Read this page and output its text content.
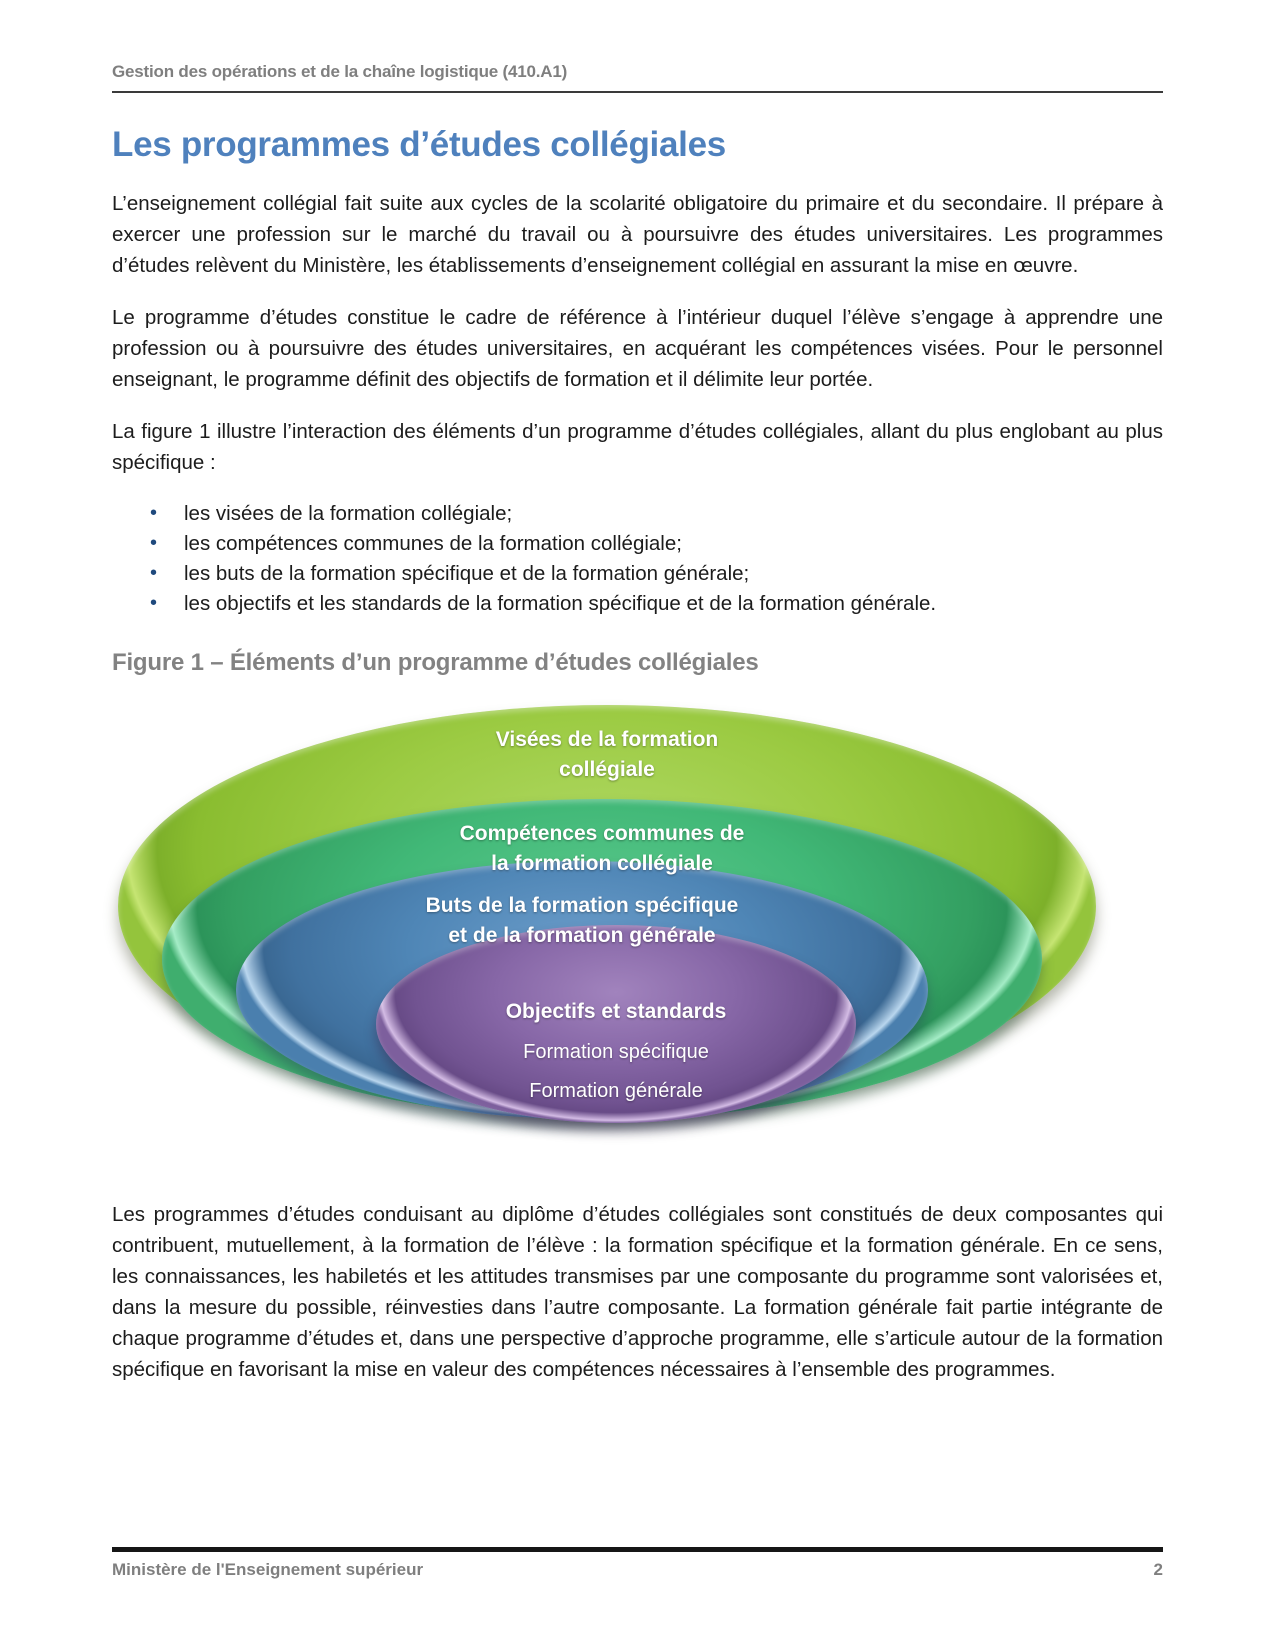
Gestion des opérations et de la chaîne logistique (410.A1)
Les programmes d’études collégiales

L’enseignement collégial fait suite aux cycles de la scolarité obligatoire du primaire et du secondaire. Il prépare à exercer une profession sur le marché du travail ou à poursuivre des études universitaires. Les programmes d’études relèvent du Ministère, les établissements d’enseignement collégial en assurant la mise en œuvre.

Le programme d’études constitue le cadre de référence à l’intérieur duquel l’élève s’engage à apprendre une profession ou à poursuivre des études universitaires, en acquérant les compétences visées. Pour le personnel enseignant, le programme définit des objectifs de formation et il délimite leur portée.

La figure 1 illustre l’interaction des éléments d’un programme d’études collégiales, allant du plus englobant au plus spécifique :

• les visées de la formation collégiale;
• les compétences communes de la formation collégiale;
• les buts de la formation spécifique et de la formation générale;
• les objectifs et les standards de la formation spécifique et de la formation générale.
Figure 1 – Éléments d’un programme d’études collégiales
Visées de la formation
collégiale
Compétences communes de
la formation collégiale
Buts de la formation spécifique
et de la formation générale
Objectifs et standards
Formation spécifique
Formation générale

Les programmes d’études conduisant au diplôme d’études collégiales sont constitués de deux composantes qui contribuent, mutuellement, à la formation de l’élève : la formation spécifique et la formation générale. En ce sens, les connaissances, les habiletés et les attitudes transmises par une composante du programme sont valorisées et, dans la mesure du possible, réinvesties dans l’autre composante. La formation générale fait partie intégrante de chaque programme d’études et, dans une perspective d’approche programme, elle s’articule autour de la formation spécifique en favorisant la mise en valeur des compétences nécessaires à l’ensemble des programmes.

Ministère de l'Enseignement supérieur	2
